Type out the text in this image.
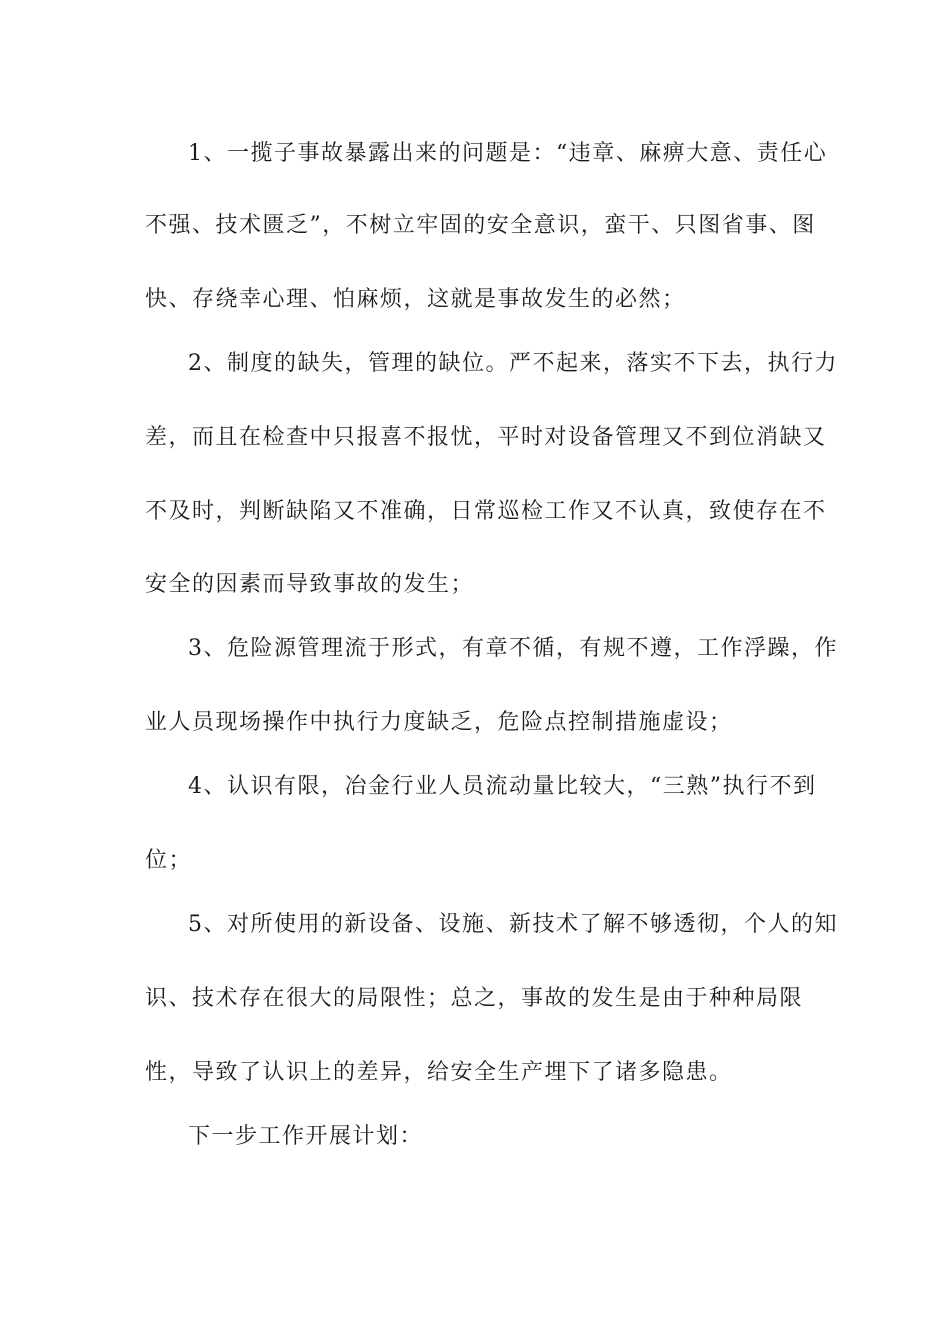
1、一揽子事故暴露出来的问题是：“违章、麻痹大意、责任心
不强、技术匮乏”，不树立牢固的安全意识，蛮干、只图省事、图
快、存绕幸心理、怕麻烦，这就是事故发生的必然；
2、制度的缺失，管理的缺位。严不起来，落实不下去，执行力
差，而且在检查中只报喜不报忧，平时对设备管理又不到位消缺又
不及时，判断缺陷又不准确，日常巡检工作又不认真，致使存在不
安全的因素而导致事故的发生；
3、危险源管理流于形式，有章不循，有规不遵，工作浮躁，作
业人员现场操作中执行力度缺乏，危险点控制措施虚设；
4、认识有限，冶金行业人员流动量比较大，“三熟”执行不到
位；
5、对所使用的新设备、设施、新技术了解不够透彻，个人的知
识、技术存在很大的局限性；总之，事故的发生是由于种种局限
性，导致了认识上的差异，给安全生产埋下了诸多隐患。
下一步工作开展计划：
